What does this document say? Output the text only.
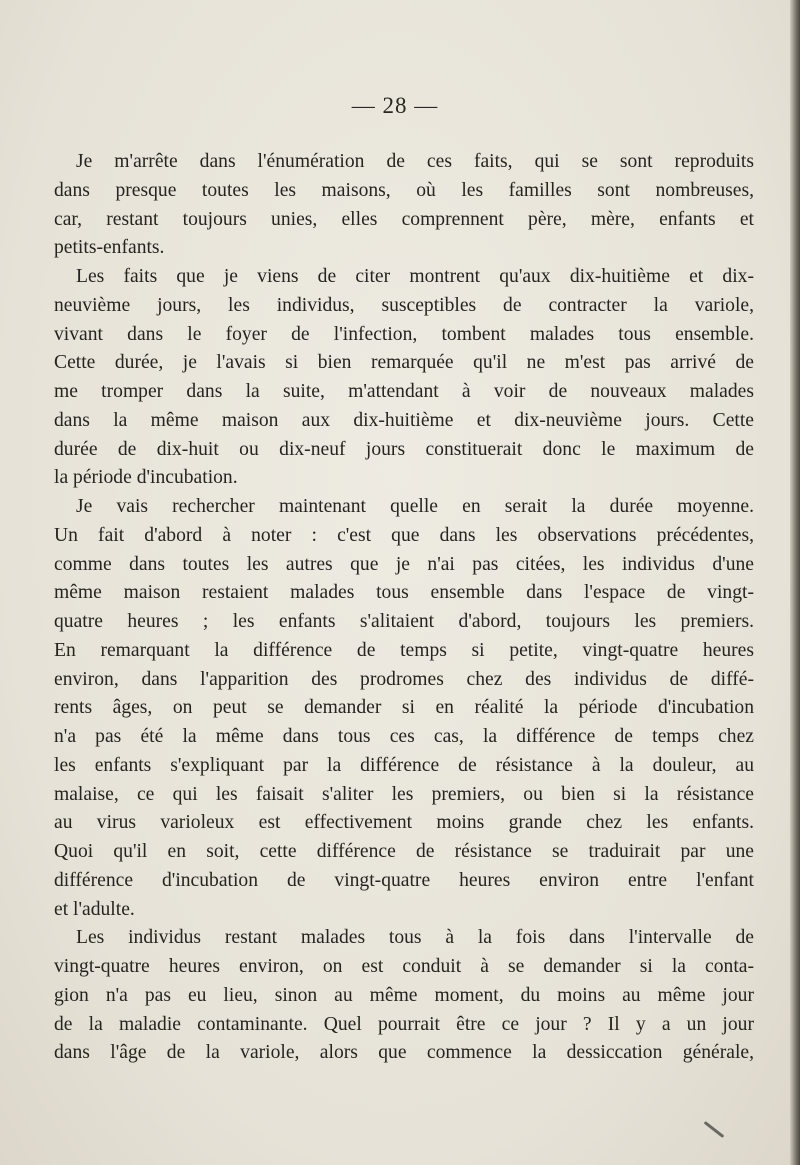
— 28 —
Je m'arrête dans l'énumération de ces faits, qui se sont reproduits
dans presque toutes les maisons, où les familles sont nombreuses,
car, restant toujours unies, elles comprennent père, mère, enfants et
petits-enfants.
Les faits que je viens de citer montrent qu'aux dix-huitième et dix-
neuvième jours, les individus, susceptibles de contracter la variole,
vivant dans le foyer de l'infection, tombent malades tous ensemble.
Cette durée, je l'avais si bien remarquée qu'il ne m'est pas arrivé de
me tromper dans la suite, m'attendant à voir de nouveaux malades
dans la même maison aux dix-huitième et dix-neuvième jours. Cette
durée de dix-huit ou dix-neuf jours constituerait donc le maximum de
la période d'incubation.
Je vais rechercher maintenant quelle en serait la durée moyenne.
Un fait d'abord à noter : c'est que dans les observations précédentes,
comme dans toutes les autres que je n'ai pas citées, les individus d'une
même maison restaient malades tous ensemble dans l'espace de vingt-
quatre heures ; les enfants s'alitaient d'abord, toujours les premiers.
En remarquant la différence de temps si petite, vingt-quatre heures
environ, dans l'apparition des prodromes chez des individus de diffé-
rents âges, on peut se demander si en réalité la période d'incubation
n'a pas été la même dans tous ces cas, la différence de temps chez
les enfants s'expliquant par la différence de résistance à la douleur, au
malaise, ce qui les faisait s'aliter les premiers, ou bien si la résistance
au virus varioleux est effectivement moins grande chez les enfants.
Quoi qu'il en soit, cette différence de résistance se traduirait par une
différence d'incubation de vingt-quatre heures environ entre l'enfant
et l'adulte.
Les individus restant malades tous à la fois dans l'intervalle de
vingt-quatre heures environ, on est conduit à se demander si la conta-
gion n'a pas eu lieu, sinon au même moment, du moins au même jour
de la maladie contaminante. Quel pourrait être ce jour ? Il y a un jour
dans l'âge de la variole, alors que commence la dessiccation générale,
